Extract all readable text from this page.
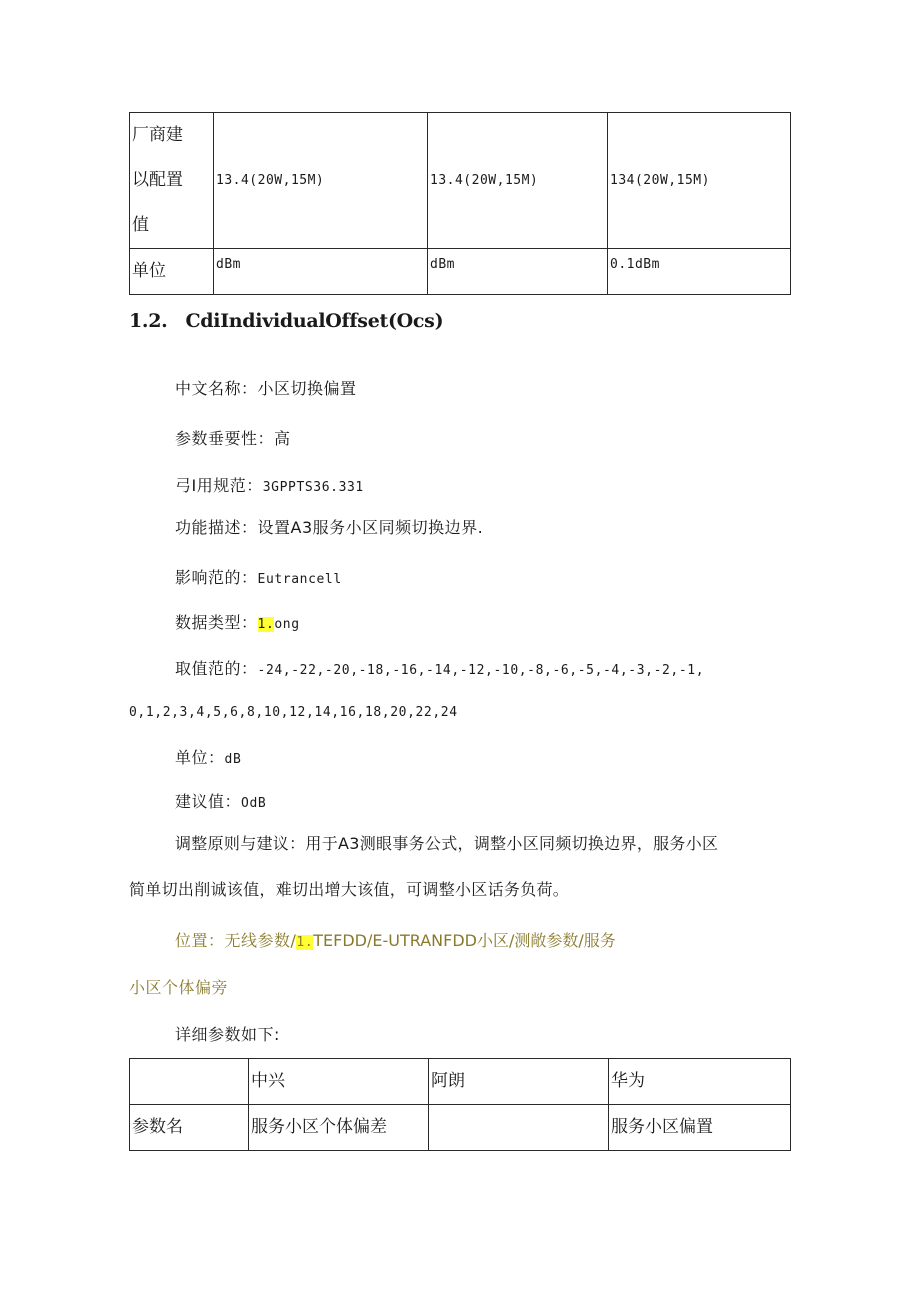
厂商建
以配置
值	13.4(20W,15M)	13.4(20W,15M)	134(20W,15M)
单位	dBm	dBm	0.1dBm
1.2. CdiIndividualOffset(Ocs)
中文名称：小区切换偏置
参数垂要性：高
弓I用规范：3GPPTS36.331
功能描述：设置A3服务小区同频切换边界.
影响范的：Eutrancell
数据类型：1.ong
取值范的：-24,-22,-20,-18,-16,-14,-12,-10,-8,-6,-5,-4,-3,-2,-1,
0,1,2,3,4,5,6,8,10,12,14,16,18,20,22,24
单位：dB
建议值：OdB
调整原则与建议：用于A3测眼事务公式，调整小区同频切换边界，服务小区
简单切出削诚该值，难切出增大该值，可调整小区话务负荷。
位置：无线参数/1.TEFDD∕E-UTRANFDD小区/测敞参数/服务
小区个体偏旁
详细参数如下:
	中兴	阿朗	华为
参数名	服务小区个体偏差		服务小区偏置
